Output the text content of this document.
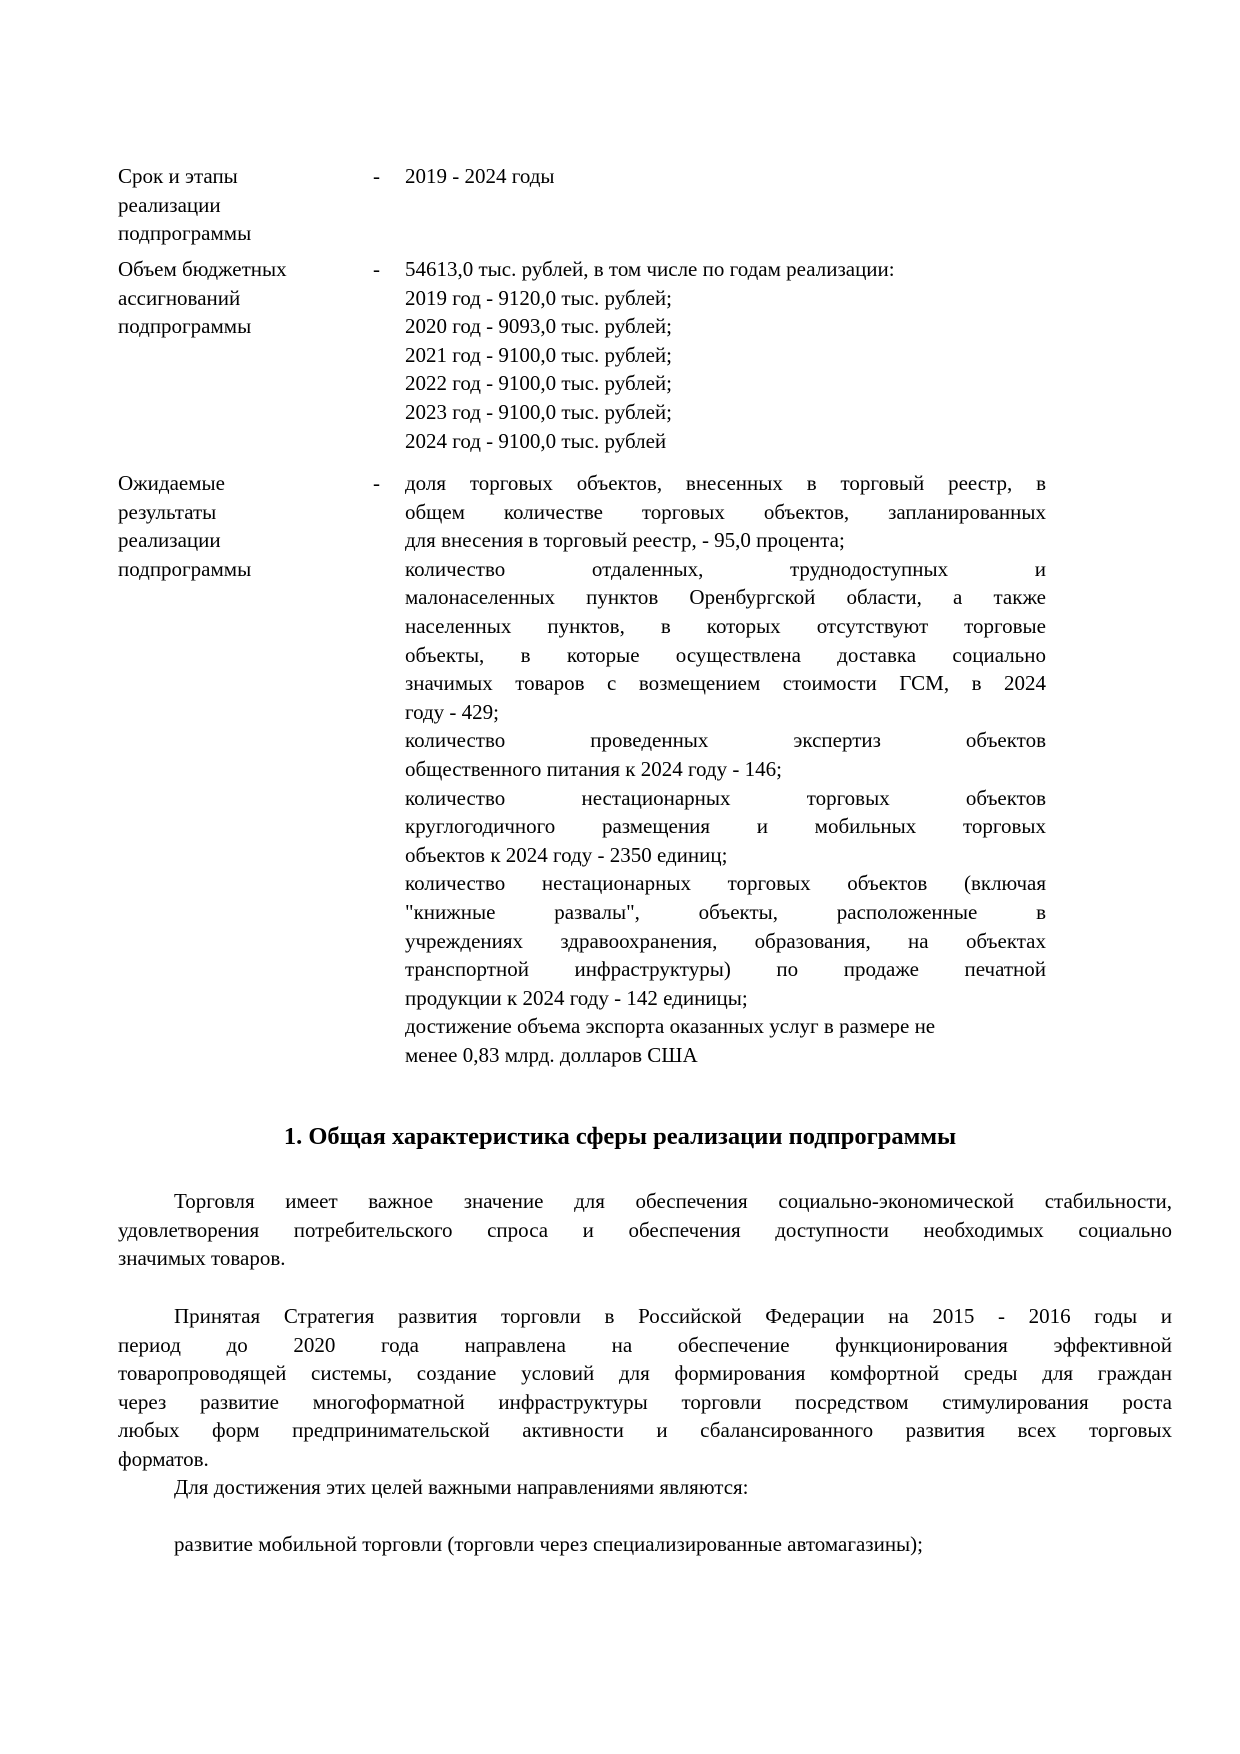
Срок и этапы
реализации
подпрограммы
-	2019 - 2024 годы
Объем бюджетных
ассигнований
подпрограммы
-	54613,0 тыс. рублей, в том числе по годам реализации:
2019 год - 9120,0 тыс. рублей;
2020 год - 9093,0 тыс. рублей;
2021 год - 9100,0 тыс. рублей;
2022 год - 9100,0 тыс. рублей;
2023 год - 9100,0 тыс. рублей;
2024 год - 9100,0 тыс. рублей
Ожидаемые
результаты
реализации
подпрограммы
-	доля торговых объектов, внесенных в торговый реестр, в
общем количестве торговых объектов, запланированных
для внесения в торговый реестр, - 95,0 процента;
количество отдаленных, труднодоступных и
малонаселенных пунктов Оренбургской области, а также
населенных пунктов, в которых отсутствуют торговые
объекты, в которые осуществлена доставка социально
значимых товаров с возмещением стоимости ГСМ, в 2024
году - 429;
количество проведенных экспертиз объектов
общественного питания к 2024 году - 146;
количество нестационарных торговых объектов
круглогодичного размещения и мобильных торговых
объектов к 2024 году - 2350 единиц;
количество нестационарных торговых объектов (включая
"книжные развалы", объекты, расположенные в
учреждениях здравоохранения, образования, на объектах
транспортной инфраструктуры) по продаже печатной
продукции к 2024 году - 142 единицы;
достижение объема экспорта оказанных услуг в размере не
менее 0,83 млрд. долларов США
1. Общая характеристика сферы реализации подпрограммы
Торговля имеет важное значение для обеспечения социально-экономической стабильности,
удовлетворения потребительского спроса и обеспечения доступности необходимых социально
значимых товаров.
Принятая Стратегия развития торговли в Российской Федерации на 2015 - 2016 годы и
период до 2020 года направлена на обеспечение функционирования эффективной
товаропроводящей системы, создание условий для формирования комфортной среды для граждан
через развитие многоформатной инфраструктуры торговли посредством стимулирования роста
любых форм предпринимательской активности и сбалансированного развития всех торговых
форматов.
Для достижения этих целей важными направлениями являются:
развитие мобильной торговли (торговли через специализированные автомагазины);
